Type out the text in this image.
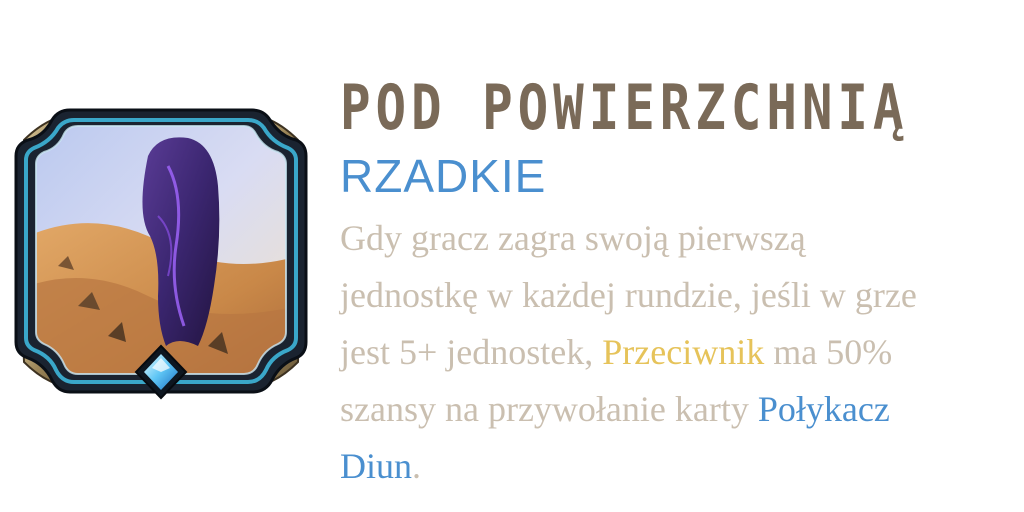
POD POWIERZCHNIĄ
RZADKIE
Gdy gracz zagra swoją pierwszą
jednostkę w każdej rundzie, jeśli w grze
jest 5+ jednostek, Przeciwnik ma 50%
szansy na przywołanie karty Połykacz
Diun.
